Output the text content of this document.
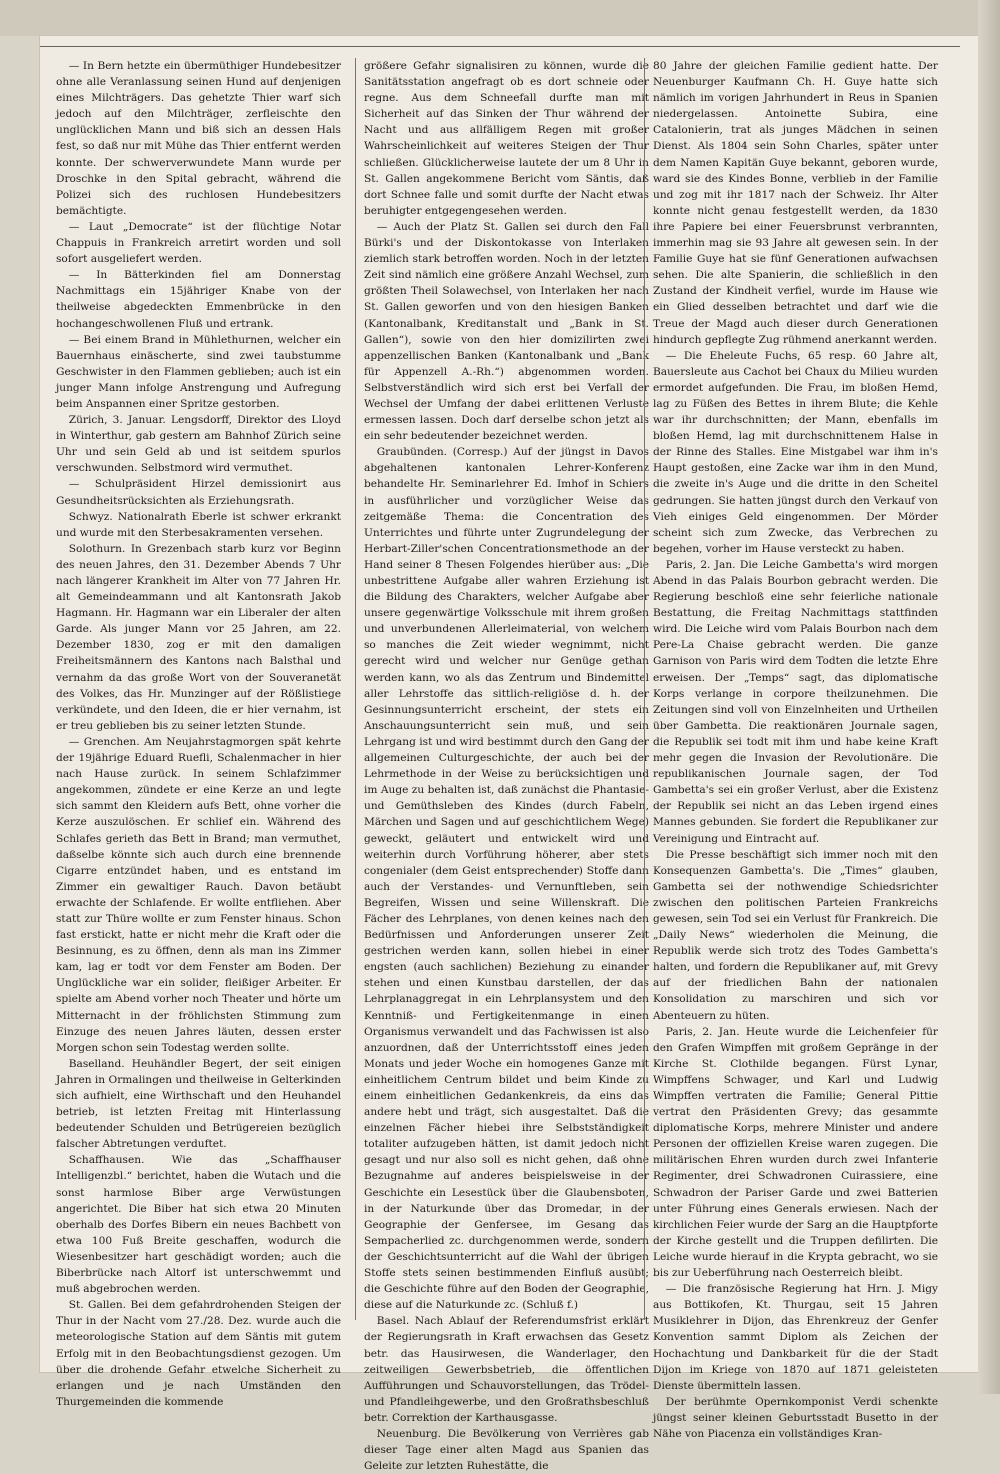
— In Bern hetzte ein übermüthiger Hundebesitzer ohne alle Veranlassung seinen Hund auf denjenigen eines Milchträgers. Das gehetzte Thier warf sich jedoch auf den Milchträger, zerfleischte den unglücklichen Mann und biß sich an dessen Hals fest, so daß nur mit Mühe das Thier entfernt werden konnte. Der schwerverwundete Mann wurde per Droschke in den Spital gebracht, während die Polizei sich des ruchlosen Hundebesitzers bemächtigte.

— Laut „Democrate“ ist der flüchtige Notar Chappuis in Frankreich arretirt worden und soll sofort ausgeliefert werden.

— In Bätterkinden fiel am Donnerstag Nachmittags ein 15jähriger Knabe von der theilweise abgedeckten Emmenbrücke in den hochangeschwollenen Fluß und ertrank.

— Bei einem Brand in Mühlethurnen, welcher ein Bauernhaus einäscherte, sind zwei taubstumme Geschwister in den Flammen geblieben; auch ist ein junger Mann infolge Anstrengung und Aufregung beim Anspannen einer Spritze gestorben.

Zürich, 3. Januar. Lengsdorff, Direktor des Lloyd in Winterthur, gab gestern am Bahnhof Zürich seine Uhr und sein Geld ab und ist seitdem spurlos verschwunden. Selbstmord wird vermuthet.

— Schulpräsident Hirzel demissionirt aus Gesundheitsrücksichten als Erziehungsrath.

Schwyz. Nationalrath Eberle ist schwer erkrankt und wurde mit den Sterbesakramenten versehen.

Solothurn. In Grezenbach starb kurz vor Beginn des neuen Jahres, den 31. Dezember Abends 7 Uhr nach längerer Krankheit im Alter von 77 Jahren Hr. alt Gemeindeammann und alt Kantonsrath Jakob Hagmann. Hr. Hagmann war ein Liberaler der alten Garde. Als junger Mann vor 25 Jahren, am 22. Dezember 1830, zog er mit den damaligen Freiheitsmännern des Kantons nach Balsthal und vernahm da das große Wort von der Souveranetät des Volkes, das Hr. Munzinger auf der Rößlistiege verkündete, und den Ideen, die er hier vernahm, ist er treu geblieben bis zu seiner letzten Stunde.

— Grenchen. Am Neujahrstagmorgen spät kehrte der 19jährige Eduard Ruefli, Schalenmacher in hier nach Hause zurück. In seinem Schlafzimmer angekommen, zündete er eine Kerze an und legte sich sammt den Kleidern aufs Bett, ohne vorher die Kerze auszulöschen. Er schlief ein. Während des Schlafes gerieth das Bett in Brand; man vermuthet, daßselbe könnte sich auch durch eine brennende Cigarre entzündet haben, und es entstand im Zimmer ein gewaltiger Rauch. Davon betäubt erwachte der Schlafende. Er wollte entfliehen. Aber statt zur Thüre wollte er zum Fenster hinaus. Schon fast erstickt, hatte er nicht mehr die Kraft oder die Besinnung, es zu öffnen, denn als man ins Zimmer kam, lag er todt vor dem Fenster am Boden. Der Unglückliche war ein solider, fleißiger Arbeiter. Er spielte am Abend vorher noch Theater und hörte um Mitternacht in der fröhlichsten Stimmung zum Einzuge des neuen Jahres läuten, dessen erster Morgen schon sein Todestag werden sollte.

Baselland. Heuhändler Begert, der seit einigen Jahren in Ormalingen und theilweise in Gelterkinden sich aufhielt, eine Wirthschaft und den Heuhandel betrieb, ist letzten Freitag mit Hinterlassung bedeutender Schulden und Betrügereien bezüglich falscher Abtretungen verduftet.

Schaffhausen. Wie das „Schaffhauser Intelligenzbl.“ berichtet, haben die Wutach und die sonst harmlose Biber arge Verwüstungen angerichtet. Die Biber hat sich etwa 20 Minuten oberhalb des Dorfes Bibern ein neues Bachbett von etwa 100 Fuß Breite geschaffen, wodurch die Wiesenbesitzer hart geschädigt worden; auch die Biberbrücke nach Altorf ist unterschwemmt und muß abgebrochen werden.

St. Gallen. Bei dem gefahrdrohenden Steigen der Thur in der Nacht vom 27./28. Dez. wurde auch die meteorologische Station auf dem Säntis mit gutem Erfolg mit in den Beobachtungsdienst gezogen. Um über die drohende Gefahr etwelche Sicherheit zu erlangen und je nach Umständen den Thurgemeinden die kommende

größere Gefahr signalisiren zu können, wurde die Sanitätsstation angefragt ob es dort schneie oder regne. Aus dem Schneefall durfte man mit Sicherheit auf das Sinken der Thur während der Nacht und aus allfälligem Regen mit großer Wahrscheinlichkeit auf weiteres Steigen der Thur schließen. Glücklicherweise lautete der um 8 Uhr in St. Gallen angekommene Bericht vom Säntis, daß dort Schnee falle und somit durfte der Nacht etwas beruhigter entgegengesehen werden.

— Auch der Platz St. Gallen sei durch den Fall Bürki's und der Diskontokasse von Interlaken ziemlich stark betroffen worden. Noch in der letzten Zeit sind nämlich eine größere Anzahl Wechsel, zum größten Theil Solawechsel, von Interlaken her nach St. Gallen geworfen und von den hiesigen Banken (Kantonalbank, Kreditanstalt und „Bank in St. Gallen“), sowie von den hier domizilirten zwei appenzellischen Banken (Kantonalbank und „Bank für Appenzell A.-Rh.“) abgenommen worden. Selbstverständlich wird sich erst bei Verfall der Wechsel der Umfang der dabei erlittenen Verluste ermessen lassen. Doch darf derselbe schon jetzt als ein sehr bedeutender bezeichnet werden.

Graubünden. (Corresp.) Auf der jüngst in Davos abgehaltenen kantonalen Lehrer-Konferenz behandelte Hr. Seminarlehrer Ed. Imhof in Schiers in ausführlicher und vorzüglicher Weise das zeitgemäße Thema: die Concentration des Unterrichtes und führte unter Zugrundelegung der Herbart-Ziller'schen Concentrationsmethode an der Hand seiner 8 Thesen Folgendes hierüber aus: „Die unbestrittene Aufgabe aller wahren Erziehung ist die Bildung des Charakters, welcher Aufgabe aber unsere gegenwärtige Volksschule mit ihrem großen und unverbundenen Allerleimaterial, von welchem so manches die Zeit wieder wegnimmt, nicht gerecht wird und welcher nur Genüge gethan werden kann, wo als das Zentrum und Bindemittel aller Lehrstoffe das sittlich-religiöse d. h. der Gesinnungsunterricht erscheint, der stets ein Anschauungsunterricht sein muß, und sein Lehrgang ist und wird bestimmt durch den Gang der allgemeinen Culturgeschichte, der auch bei der Lehrmethode in der Weise zu berücksichtigen und im Auge zu behalten ist, daß zunächst die Phantasie- und Gemüthsleben des Kindes (durch Fabeln, Märchen und Sagen und auf geschichtlichem Wege) geweckt, geläutert und entwickelt wird und weiterhin durch Vorführung höherer, aber stets congenialer (dem Geist entsprechender) Stoffe dann auch der Verstandes- und Vernunftleben, sein Begreifen, Wissen und seine Willenskraft. Die Fächer des Lehrplanes, von denen keines nach den Bedürfnissen und Anforderungen unserer Zeit gestrichen werden kann, sollen hiebei in einer engsten (auch sachlichen) Beziehung zu einander stehen und einen Kunstbau darstellen, der das Lehrplanaggregat in ein Lehrplansystem und den Kenntniß- und Fertigkeitenmange in einen Organismus verwandelt und das Fachwissen ist also anzuordnen, daß der Unterrichtsstoff eines jeden Monats und jeder Woche ein homogenes Ganze mit einheitlichem Centrum bildet und beim Kinde zu einem einheitlichen Gedankenkreis, da eins das andere hebt und trägt, sich ausgestaltet. Daß die einzelnen Fächer hiebei ihre Selbstständigkeit totaliter aufzugeben hätten, ist damit jedoch nicht gesagt und nur also soll es nicht gehen, daß ohne Bezugnahme auf anderes beispielsweise in der Geschichte ein Lesestück über die Glaubensboten, in der Naturkunde über das Dromedar, in der Geographie der Genfersee, im Gesang das Sempacherlied zc. durchgenommen werde, sondern der Geschichtsunterricht auf die Wahl der übrigen Stoffe stets seinen bestimmenden Einfluß ausübt; die Geschichte führe auf den Boden der Geographie, diese auf die Naturkunde zc. (Schluß f.)

Basel. Nach Ablauf der Referendumsfrist erklärt der Regierungsrath in Kraft erwachsen das Gesetz betr. das Hausirwesen, die Wanderlager, den zeitweiligen Gewerbsbetrieb, die öffentlichen Aufführungen und Schauvorstellungen, das Trödel- und Pfandleihgewerbe, und den Großrathsbeschluß betr. Correktion der Karthausgasse.

Neuenburg. Die Bevölkerung von Verrières gab dieser Tage einer alten Magd aus Spanien das Geleite zur letzten Ruhestätte, die

80 Jahre der gleichen Familie gedient hatte. Der Neuenburger Kaufmann Ch. H. Guye hatte sich nämlich im vorigen Jahrhundert in Reus in Spanien niedergelassen. Antoinette Subira, eine Catalonierin, trat als junges Mädchen in seinen Dienst. Als 1804 sein Sohn Charles, später unter dem Namen Kapitän Guye bekannt, geboren wurde, ward sie des Kindes Bonne, verblieb in der Familie und zog mit ihr 1817 nach der Schweiz. Ihr Alter konnte nicht genau festgestellt werden, da 1830 ihre Papiere bei einer Feuersbrunst verbrannten, immerhin mag sie 93 Jahre alt gewesen sein. In der Familie Guye hat sie fünf Generationen aufwachsen sehen. Die alte Spanierin, die schließlich in den Zustand der Kindheit verfiel, wurde im Hause wie ein Glied desselben betrachtet und darf wie die Treue der Magd auch dieser durch Generationen hindurch gepflegte Zug rühmend anerkannt werden.

— Die Eheleute Fuchs, 65 resp. 60 Jahre alt, Bauersleute aus Cachot bei Chaux du Milieu wurden ermordet aufgefunden. Die Frau, im bloßen Hemd, lag zu Füßen des Bettes in ihrem Blute; die Kehle war ihr durchschnitten; der Mann, ebenfalls im bloßen Hemd, lag mit durchschnittenem Halse in der Rinne des Stalles. Eine Mistgabel war ihm in's Haupt gestoßen, eine Zacke war ihm in den Mund, die zweite in's Auge und die dritte in den Scheitel gedrungen. Sie hatten jüngst durch den Verkauf von Vieh einiges Geld eingenommen. Der Mörder scheint sich zum Zwecke, das Verbrechen zu begehen, vorher im Hause versteckt zu haben.

Paris, 2. Jan. Die Leiche Gambetta's wird morgen Abend in das Palais Bourbon gebracht werden. Die Regierung beschloß eine sehr feierliche nationale Bestattung, die Freitag Nachmittags stattfinden wird. Die Leiche wird vom Palais Bourbon nach dem Pere-La Chaise gebracht werden. Die ganze Garnison von Paris wird dem Todten die letzte Ehre erweisen. Der „Temps“ sagt, das diplomatische Korps verlange in corpore theilzunehmen. Die Zeitungen sind voll von Einzelnheiten und Urtheilen über Gambetta. Die reaktionären Journale sagen, die Republik sei todt mit ihm und habe keine Kraft mehr gegen die Invasion der Revolutionäre. Die republikanischen Journale sagen, der Tod Gambetta's sei ein großer Verlust, aber die Existenz der Republik sei nicht an das Leben irgend eines Mannes gebunden. Sie fordert die Republikaner zur Vereinigung und Eintracht auf.

Die Presse beschäftigt sich immer noch mit den Konsequenzen Gambetta's. Die „Times“ glauben, Gambetta sei der nothwendige Schiedsrichter zwischen den politischen Parteien Frankreichs gewesen, sein Tod sei ein Verlust für Frankreich. Die „Daily News“ wiederholen die Meinung, die Republik werde sich trotz des Todes Gambetta's halten, und fordern die Republikaner auf, mit Grevy auf der friedlichen Bahn der nationalen Konsolidation zu marschiren und sich vor Abenteuern zu hüten.

Paris, 2. Jan. Heute wurde die Leichenfeier für den Grafen Wimpffen mit großem Gepränge in der Kirche St. Clothilde begangen. Fürst Lynar, Wimpffens Schwager, und Karl und Ludwig Wimpffen vertraten die Familie; General Pittie vertrat den Präsidenten Grevy; das gesammte diplomatische Korps, mehrere Minister und andere Personen der offiziellen Kreise waren zugegen. Die militärischen Ehren wurden durch zwei Infanterie Regimenter, drei Schwadronen Cuirassiere, eine Schwadron der Pariser Garde und zwei Batterien unter Führung eines Generals erwiesen. Nach der kirchlichen Feier wurde der Sarg an die Hauptpforte der Kirche gestellt und die Truppen defilirten. Die Leiche wurde hierauf in die Krypta gebracht, wo sie bis zur Ueberführung nach Oesterreich bleibt.

— Die französische Regierung hat Hrn. J. Migy aus Bottikofen, Kt. Thurgau, seit 15 Jahren Musiklehrer in Dijon, das Ehrenkreuz der Genfer Konvention sammt Diplom als Zeichen der Hochachtung und Dankbarkeit für die der Stadt Dijon im Kriege von 1870 auf 1871 geleisteten Dienste übermitteln lassen.

Der berühmte Opernkomponist Verdi schenkte jüngst seiner kleinen Geburtsstadt Busetto in der Nähe von Piacenza ein vollständiges Kran-
